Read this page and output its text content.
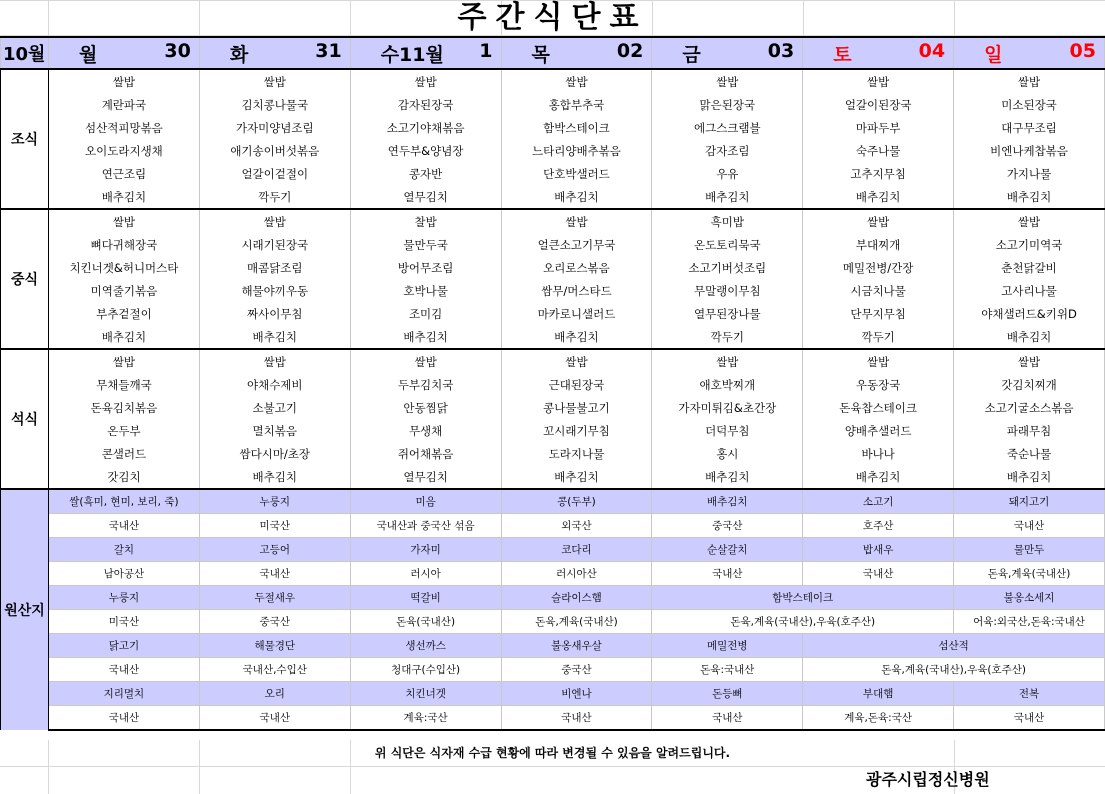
주간식단표
10월	월 30	화 31	수11월 1	목 02	금 03	토 04	일 05

조식	쌀밥	쌀밥	쌀밥	쌀밥	쌀밥	쌀밥	쌀밥
	계란파국	김치콩나물국	감자된장국	홍합부추국	맑은된장국	얼갈이된장국	미소된장국
	섬산적피망볶음	가자미양념조림	소고기야채볶음	함박스테이크	에그스크램블	마파두부	대구무조림
	오이도라지생채	애기송이버섯볶음	연두부&양념장	느타리양배추볶음	감자조림	숙주나물	비엔나케찹볶음
	연근조림	얼갈이겉절이	콩자반	단호박샐러드	우유	고추지무침	가지나물
	배추김치	깍두기	열무김치	배추김치	배추김치	배추김치	배추김치
중식	쌀밥	쌀밥	찰밥	쌀밥	흑미밥	쌀밥	쌀밥
	뼈다귀해장국	시래기된장국	물만두국	얼큰소고기무국	온도토리묵국	부대찌개	소고기미역국
	치킨너겟&허니머스타	매콤닭조림	방어무조림	오리로스볶음	소고기버섯조림	메밀전병/간장	춘천닭갈비
	미역줄기볶음	해물야끼우동	호박나물	쌈무/머스타드	무말랭이무침	시금치나물	고사리나물
	부추겉절이	짜사이무침	조미김	마카로니샐러드	열무된장나물	단무지무침	야채샐러드&키위D
	배추김치	배추김치	배추김치	배추김치	깍두기	깍두기	배추김치
석식	쌀밥	쌀밥	쌀밥	쌀밥	쌀밥	쌀밥	쌀밥
	무채들깨국	야채수제비	두부김치국	근대된장국	애호박찌개	우동장국	갓김치찌개
	돈육김치볶음	소불고기	안동찜닭	콩나물불고기	가자미튀김&초간장	돈육찹스테이크	소고기굴소스볶음
	온두부	멸치볶음	무생채	꼬시래기무침	더덕무침	양배추샐러드	파래무침
	콘샐러드	쌈다시마/초장	쥐어채볶음	도라지나물	홍시	바나나	죽순나물
	갓김치	배추김치	열무김치	배추김치	배추김치	배추김치	배추김치
원산지	쌀(흑미, 현미, 보리, 죽)	누룽지	미음	콩(두부)	배추김치	소고기	돼지고기
	국내산	미국산	국내산과 중국산 섞음	외국산	중국산	호주산	국내산
	갈치	고등어	가자미	코다리	순살갈치	밥새우	물만두
	남아공산	국내산	러시아	러시아산	국내산	국내산	돈육,계육(국내산)
	누룽지	두절새우	떡갈비	슬라이스햄	함박스테이크		불옹소세지
	미국산	중국산	돈육(국내산)	돈육,계육(국내산)	돈육,계육(국내산),우육(호주산)		어육:외국산,돈육:국내산
	닭고기	해물경단	생선까스	불옹새우살	메밀전병	섬산적	
	국내산	국내산,수입산	청대구(수입산)	중국산	돈육:국내산	돈육,계육(국내산),우육(호주산)	
	지리멸치	오리	치킨너겟	비엔나	돈등뼈	부대햄	전복
	국내산	국내산	계육:국산	국내산	국내산	계육,돈육:국산	국내산
위 식단은 식자재 수급 현황에 따라 변경될 수 있음을 알려드립니다.
광주시립정신병원
